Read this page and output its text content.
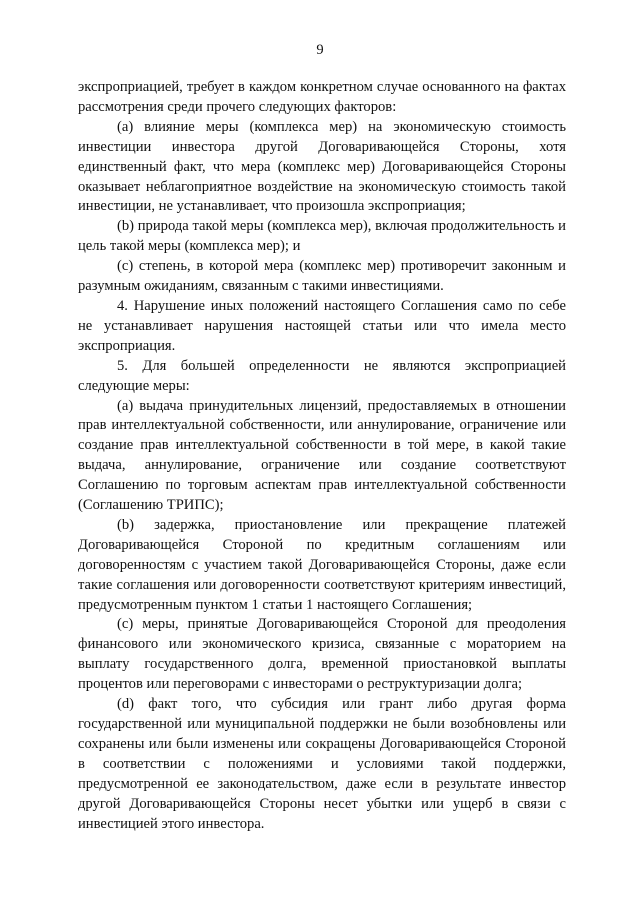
9

экспроприацией, требует в каждом конкретном случае основанного на фактах рассмотрения среди прочего следующих факторов:

(a) влияние меры (комплекса мер) на экономическую стоимость инвестиции инвестора другой Договаривающейся Стороны, хотя единственный факт, что мера (комплекс мер) Договаривающейся Стороны оказывает неблагоприятное воздействие на экономическую стоимость такой инвестиции, не устанавливает, что произошла экспроприация;

(b) природа такой меры (комплекса мер), включая продолжительность и цель такой меры (комплекса мер); и

(c) степень, в которой мера (комплекс мер) противоречит законным и разумным ожиданиям, связанным с такими инвестициями.

4. Нарушение иных положений настоящего Соглашения само по себе не устанавливает нарушения настоящей статьи или что имела место экспроприация.

5. Для большей определенности не являются экспроприацией следующие меры:

(a) выдача принудительных лицензий, предоставляемых в отношении прав интеллектуальной собственности, или аннулирование, ограничение или создание прав интеллектуальной собственности в той мере, в какой такие выдача, аннулирование, ограничение или создание соответствуют Соглашению по торговым аспектам прав интеллектуальной собственности (Соглашению ТРИПС);

(b) задержка, приостановление или прекращение платежей Договаривающейся Стороной по кредитным соглашениям или договоренностям с участием такой Договаривающейся Стороны, даже если такие соглашения или договоренности соответствуют критериям инвестиций, предусмотренным пунктом 1 статьи 1 настоящего Соглашения;

(c) меры, принятые Договаривающейся Стороной для преодоления финансового или экономического кризиса, связанные с мораторием на выплату государственного долга, временной приостановкой выплаты процентов или переговорами с инвесторами о реструктуризации долга;

(d) факт того, что субсидия или грант либо другая форма государственной или муниципальной поддержки не были возобновлены или сохранены или были изменены или сокращены Договаривающейся Стороной в соответствии с положениями и условиями такой поддержки, предусмотренной ее законодательством, даже если в результате инвестор другой Договаривающейся Стороны несет убытки или ущерб в связи с инвестицией этого инвестора.
